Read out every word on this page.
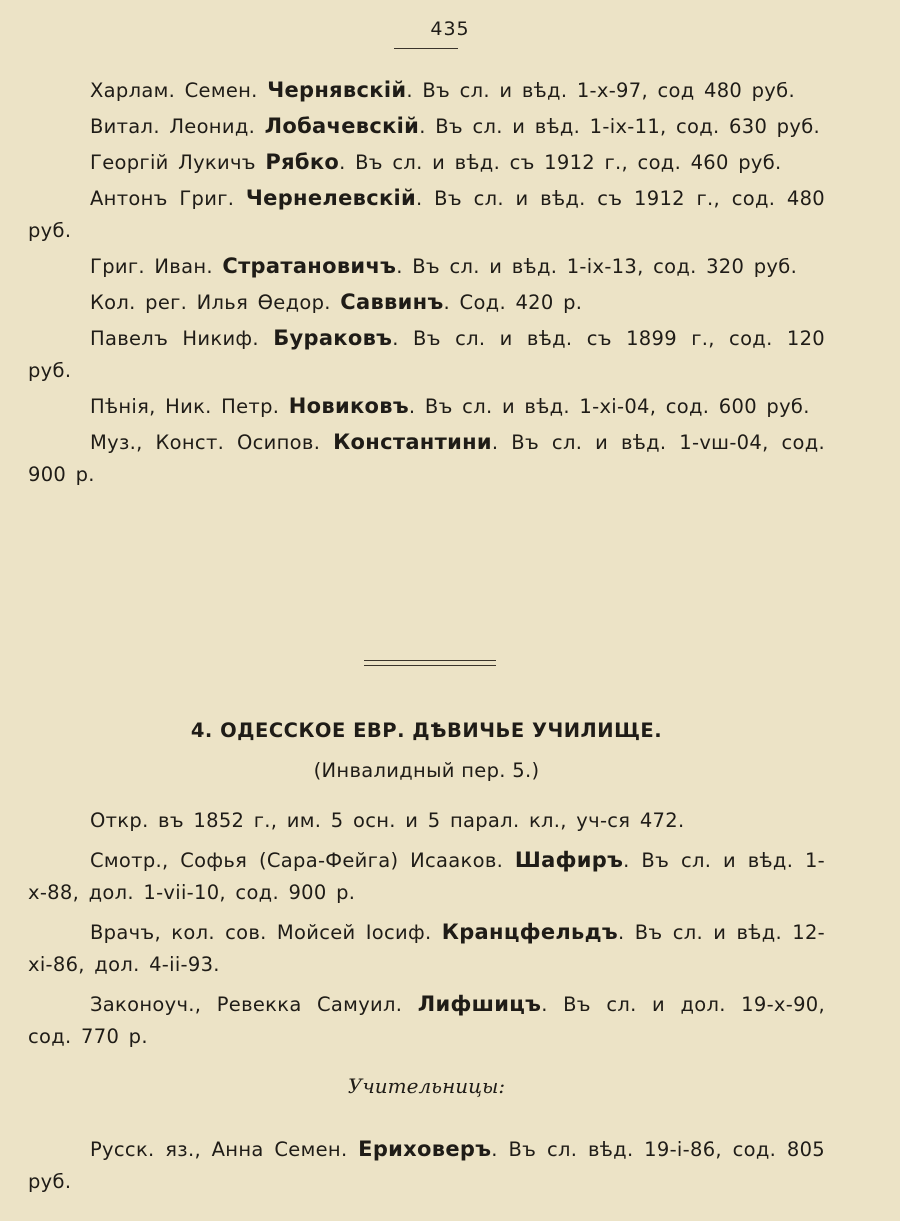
435

Харлам. Семен. Чернявскій. Въ сл. и вѣд. 1-х-97, сод 480 руб.

Витал. Леонид. Лобачевскій. Въ сл. и вѣд. 1-іх-11, сод. 630 руб.

Георгій Лукичъ Рябко. Въ сл. и вѣд. съ 1912 г., сод. 460 руб.

Антонъ Григ. Чернелевскій. Въ сл. и вѣд. съ 1912 г., сод. 480 руб.

Григ. Иван. Стратановичъ. Въ сл. и вѣд. 1-іх-13, сод. 320 руб.

Кол. рег. Илья Ѳедор. Саввинъ. Сод. 420 р.

Павелъ Никиф. Бураковъ. Въ сл. и вѣд. съ 1899 г., сод. 120 руб.

Пѣнія, Ник. Петр. Новиковъ. Въ сл. и вѣд. 1-хі-04, сод. 600 руб.

Муз., Конст. Осипов. Константини. Въ сл. и вѣд. 1-vш-04, сод. 900 р.

4. ОДЕССКОЕ ЕВР. ДѢВИЧЬЕ УЧИЛИЩЕ.
(Инвалидный пер. 5.)

Откр. въ 1852 г., им. 5 осн. и 5 парал. кл., уч-ся 472.

Смотр., Софья (Сара-Фейга) Исааков. Шафиръ. Въ сл. и вѣд. 1-х-88, дол. 1-vіі-10, сод. 900 р.

Врачъ, кол. сов. Мойсей Іосиф. Кранцфельдъ. Въ сл. и вѣд. 12-хі-86, дол. 4-іі-93.

Законоуч., Ревекка Самуил. Лифшицъ. Въ сл. и дол. 19-х-90, сод. 770 р.

Учительницы:

Русск. яз., Анна Семен. Ериховеръ. Въ сл. вѣд. 19-і-86, сод. 805 руб.
